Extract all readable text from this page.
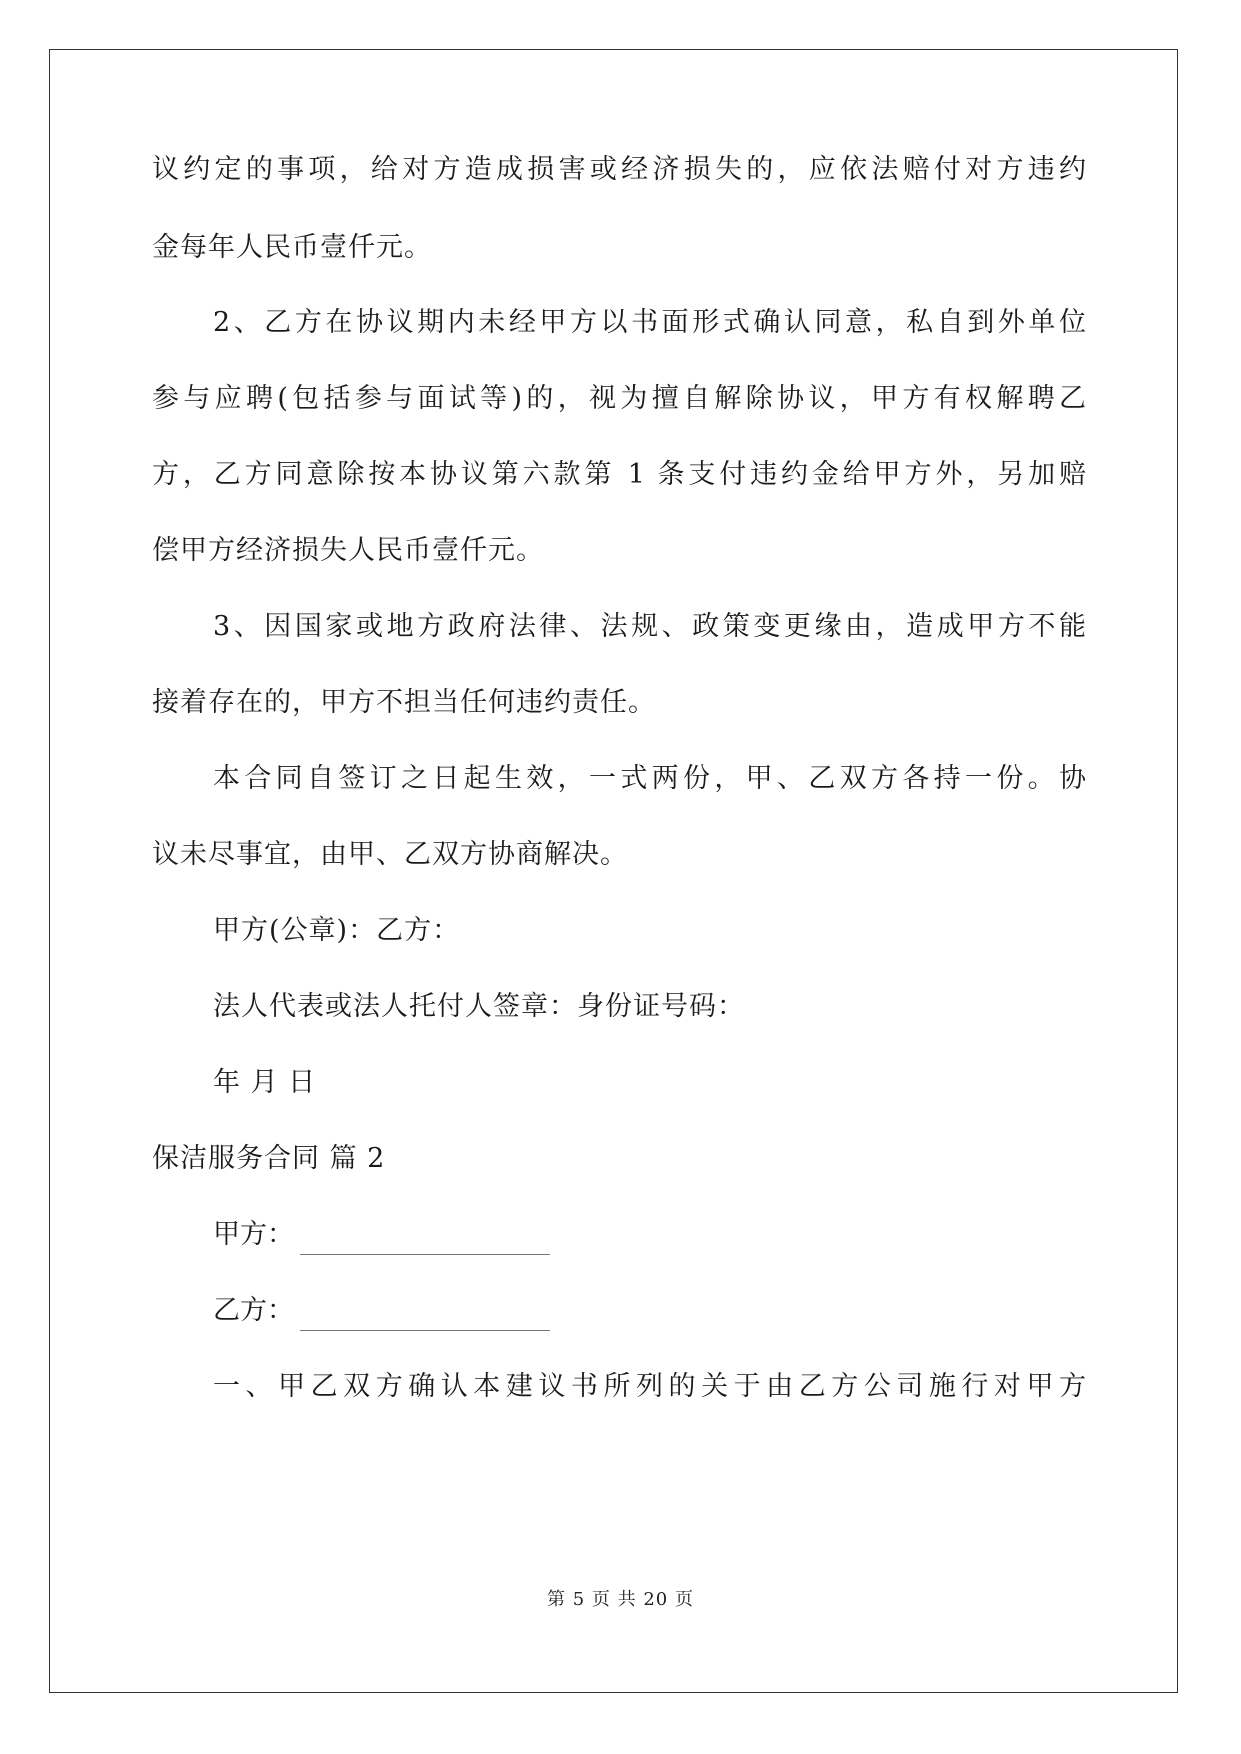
议约定的事项，给对方造成损害或经济损失的，应依法赔付对方违约
金每年人民币壹仟元。
2、乙方在协议期内未经甲方以书面形式确认同意，私自到外单位
参与应聘(包括参与面试等)的，视为擅自解除协议，甲方有权解聘乙
方，乙方同意除按本协议第六款第 1 条支付违约金给甲方外，另加赔
偿甲方经济损失人民币壹仟元。
3、因国家或地方政府法律、法规、政策变更缘由，造成甲方不能
接着存在的，甲方不担当任何违约责任。
本合同自签订之日起生效，一式两份，甲、乙双方各持一份。协
议未尽事宜，由甲、乙双方协商解决。
甲方(公章)：乙方：
法人代表或法人托付人签章：身份证号码：
年 月 日
保洁服务合同 篇 2
甲方：
乙方：
一、甲乙双方确认本建议书所列的关于由乙方公司施行对甲方
第 5 页 共 20 页
